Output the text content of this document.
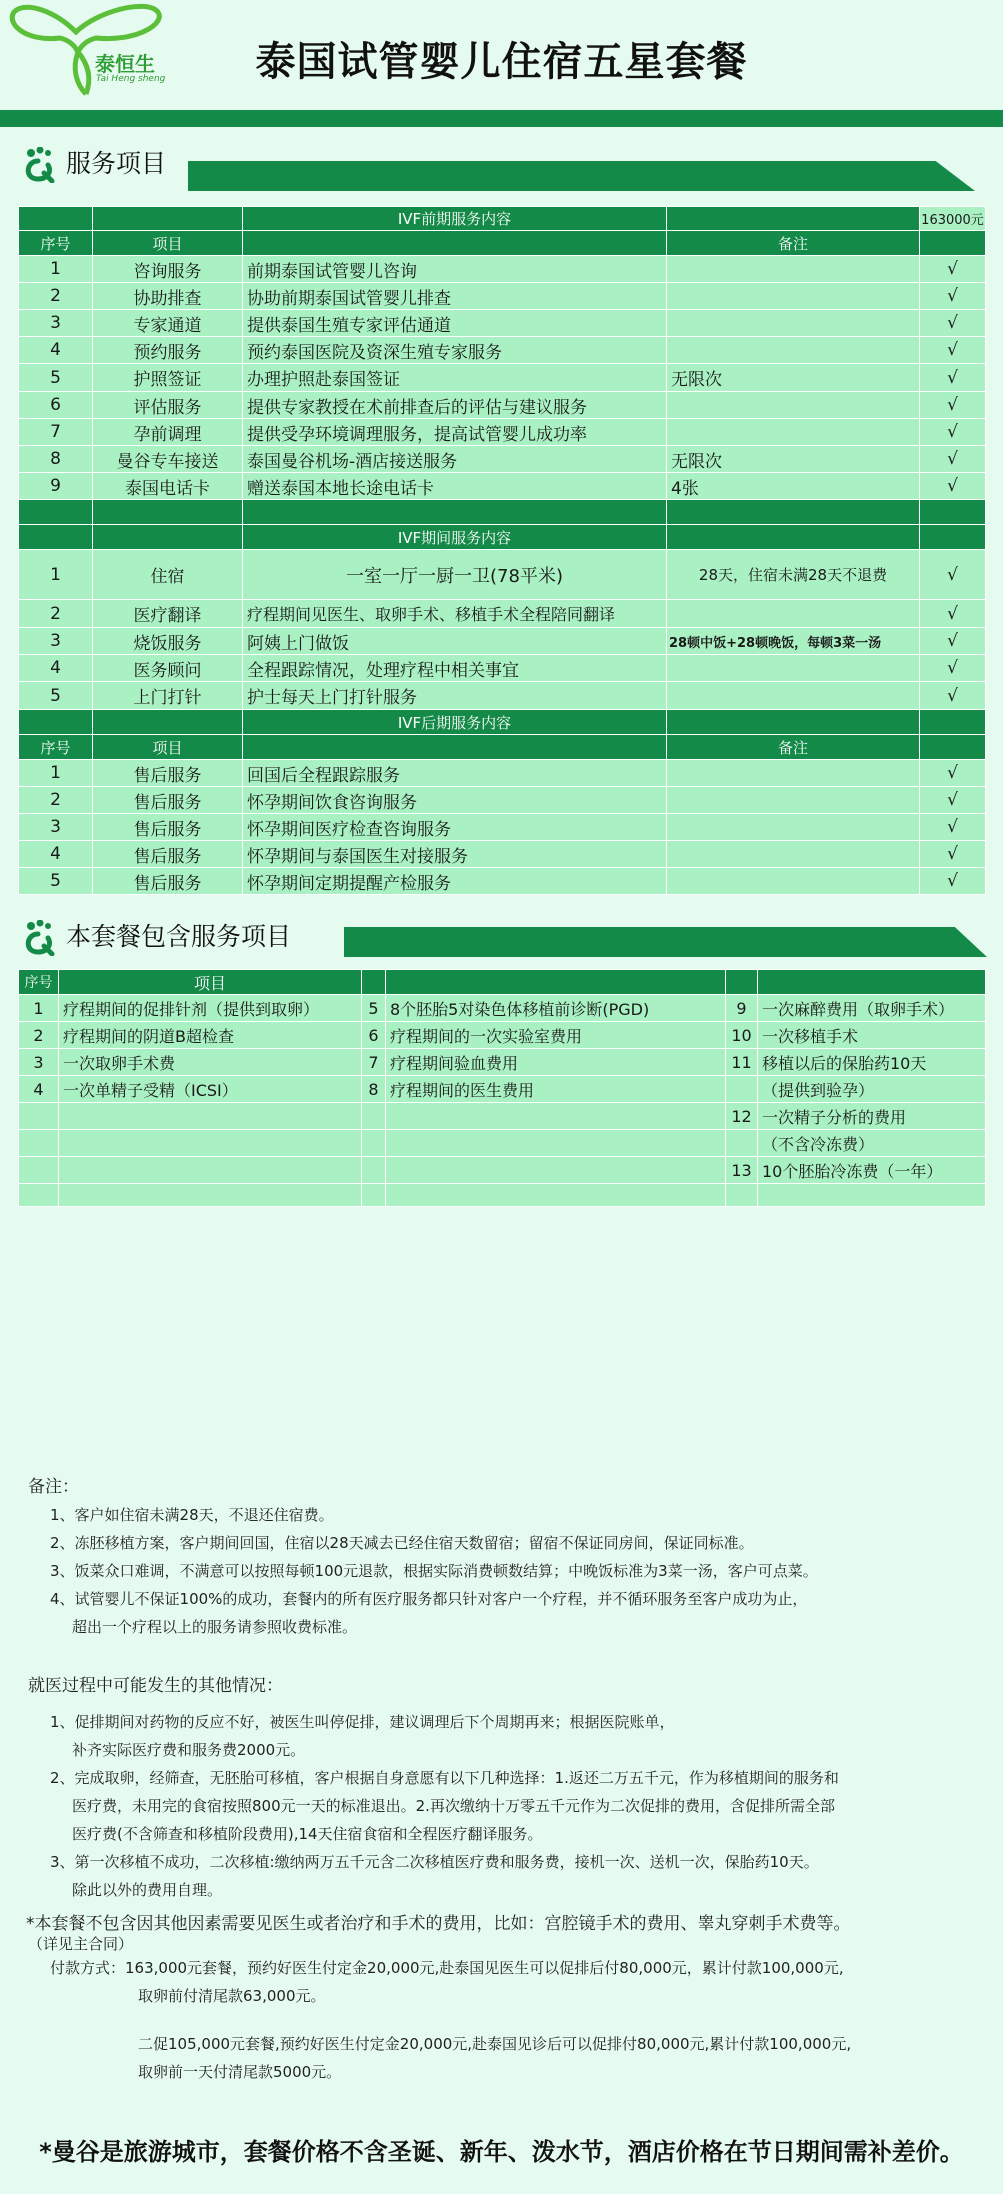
泰恒生
Tai Heng sheng	泰国试管婴儿住宿五星套餐
服务项目
		IVF前期服务内容		163000元
序号	项目		备注	
1	咨询服务	前期泰国试管婴儿咨询		√
2	协助排查	协助前期泰国试管婴儿排查		√
3	专家通道	提供泰国生殖专家评估通道		√
4	预约服务	预约泰国医院及资深生殖专家服务		√
5	护照签证	办理护照赴泰国签证	无限次	√
6	评估服务	提供专家教授在术前排查后的评估与建议服务		√
7	孕前调理	提供受孕环境调理服务，提高试管婴儿成功率		√
8	曼谷专车接送	泰国曼谷机场-酒店接送服务	无限次	√
9	泰国电话卡	赠送泰国本地长途电话卡	4张	√

		IVF期间服务内容		
1	住宿	一室一厅一厨一卫(78平米)	28天，住宿未满28天不退费	√
2	医疗翻译	疗程期间见医生、取卵手术、移植手术全程陪同翻译		√
3	烧饭服务	阿姨上门做饭	28顿中饭+28顿晚饭，每顿3菜一汤	√
4	医务顾问	全程跟踪情况，处理疗程中相关事宜		√
5	上门打针	护士每天上门打针服务		√
		IVF后期服务内容		
序号	项目		备注	
1	售后服务	回国后全程跟踪服务		√
2	售后服务	怀孕期间饮食咨询服务		√
3	售后服务	怀孕期间医疗检查咨询服务		√
4	售后服务	怀孕期间与泰国医生对接服务		√
5	售后服务	怀孕期间定期提醒产检服务		√
本套餐包含服务项目
序号	项目				
1	疗程期间的促排针剂（提供到取卵）	5	8个胚胎5对染色体移植前诊断(PGD)	9	一次麻醉费用（取卵手术）
2	疗程期间的阴道B超检查	6	疗程期间的一次实验室费用	10	一次移植手术
3	一次取卵手术费	7	疗程期间验血费用	11	移植以后的保胎药10天
4	一次单精子受精（ICSI）	8	疗程期间的医生费用		（提供到验孕）
				12	一次精子分析的费用
					（不含冷冻费）
				13	10个胚胎冷冻费（一年）

备注：
1、客户如住宿未满28天，不退还住宿费。
2、冻胚移植方案，客户期间回国，住宿以28天减去已经住宿天数留宿；留宿不保证同房间，保证同标准。
3、饭菜众口难调，不满意可以按照每顿100元退款，根据实际消费顿数结算；中晚饭标准为3菜一汤，客户可点菜。
4、试管婴儿不保证100%的成功，套餐内的所有医疗服务都只针对客户一个疗程，并不循环服务至客户成功为止，
超出一个疗程以上的服务请参照收费标准。
就医过程中可能发生的其他情况：
1、促排期间对药物的反应不好，被医生叫停促排，建议调理后下个周期再来；根据医院账单，
补齐实际医疗费和服务费2000元。
2、完成取卵，经筛查，无胚胎可移植，客户根据自身意愿有以下几种选择：1.返还二万五千元，作为移植期间的服务和
医疗费，未用完的食宿按照800元一天的标准退出。2.再次缴纳十万零五千元作为二次促排的费用，含促排所需全部
医疗费(不含筛查和移植阶段费用),14天住宿食宿和全程医疗翻译服务。
3、第一次移植不成功，二次移植:缴纳两万五千元含二次移植医疗费和服务费，接机一次、送机一次，保胎药10天。
除此以外的费用自理。
*本套餐不包含因其他因素需要见医生或者治疗和手术的费用，比如：宫腔镜手术的费用、睾丸穿刺手术费等。
（详见主合同）
付款方式：163,000元套餐，预约好医生付定金20,000元,赴泰国见医生可以促排后付80,000元，累计付款100,000元,
取卵前付清尾款63,000元。
二促105,000元套餐,预约好医生付定金20,000元,赴泰国见诊后可以促排付80,000元,累计付款100,000元,
取卵前一天付清尾款5000元。
*曼谷是旅游城市，套餐价格不含圣诞、新年、泼水节，酒店价格在节日期间需补差价。
